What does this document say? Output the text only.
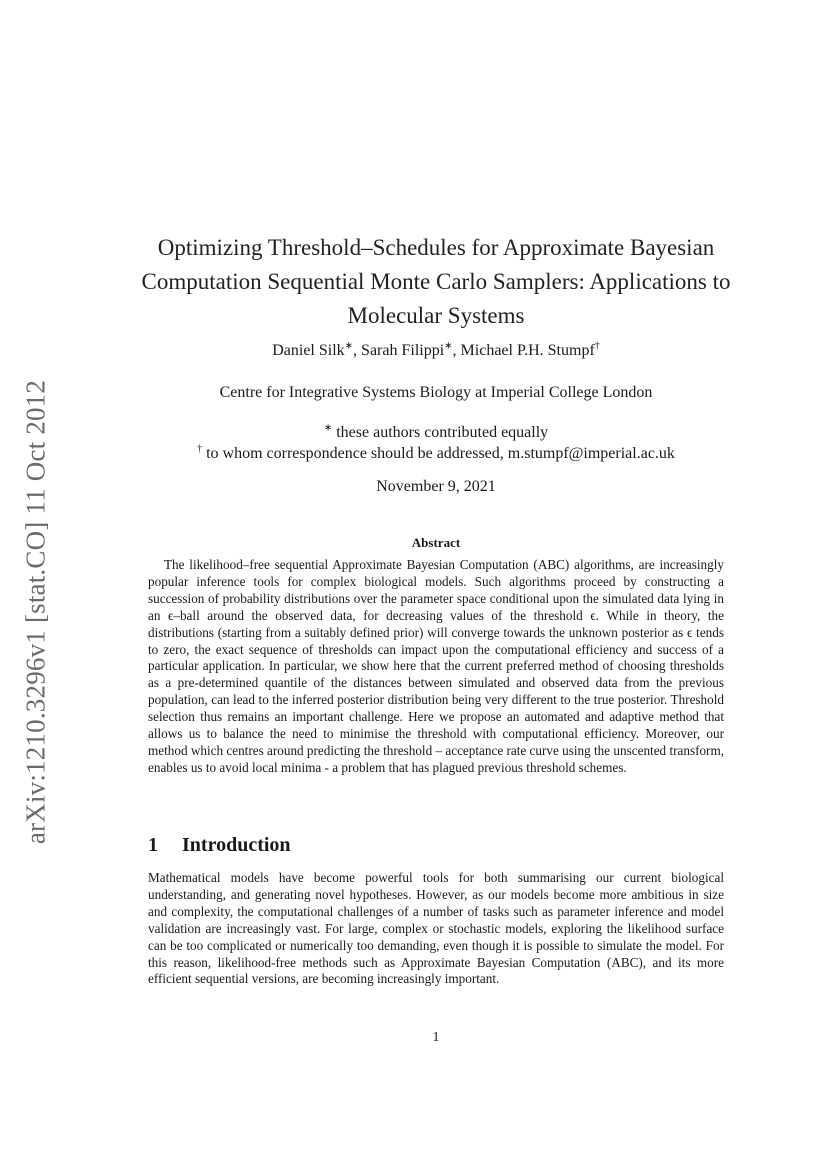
arXiv:1210.3296v1 [stat.CO] 11 Oct 2012
Optimizing Threshold–Schedules for Approximate Bayesian
Computation Sequential Monte Carlo Samplers: Applications to
Molecular Systems
Daniel Silk∗, Sarah Filippi∗, Michael P.H. Stumpf†
Centre for Integrative Systems Biology at Imperial College London
∗ these authors contributed equally
† to whom correspondence should be addressed, m.stumpf@imperial.ac.uk
November 9, 2021
Abstract
The likelihood–free sequential Approximate Bayesian Computation (ABC) algorithms, are increasingly popular inference tools for complex biological models. Such algorithms proceed by constructing a succession of probability distributions over the parameter space conditional upon the simulated data lying in an ϵ–ball around the observed data, for decreasing values of the threshold ϵ. While in theory, the distributions (starting from a suitably defined prior) will converge towards the unknown posterior as ϵ tends to zero, the exact sequence of thresholds can impact upon the computational efficiency and success of a particular application. In particular, we show here that the current preferred method of choosing thresholds as a pre-determined quantile of the distances between simulated and observed data from the previous population, can lead to the inferred posterior distribution being very different to the true posterior. Threshold selection thus remains an important challenge. Here we propose an automated and adaptive method that allows us to balance the need to minimise the threshold with computational efficiency. Moreover, our method which centres around predicting the threshold – acceptance rate curve using the unscented transform, enables us to avoid local minima - a problem that has plagued previous threshold schemes.
1 Introduction
Mathematical models have become powerful tools for both summarising our current biological understanding, and generating novel hypotheses. However, as our models become more ambitious in size and complexity, the computational challenges of a number of tasks such as parameter inference and model validation are increasingly vast. For large, complex or stochastic models, exploring the likelihood surface can be too complicated or numerically too demanding, even though it is possible to simulate the model. For this reason, likelihood-free methods such as Approximate Bayesian Computation (ABC), and its more efficient sequential versions, are becoming increasingly important.
1
